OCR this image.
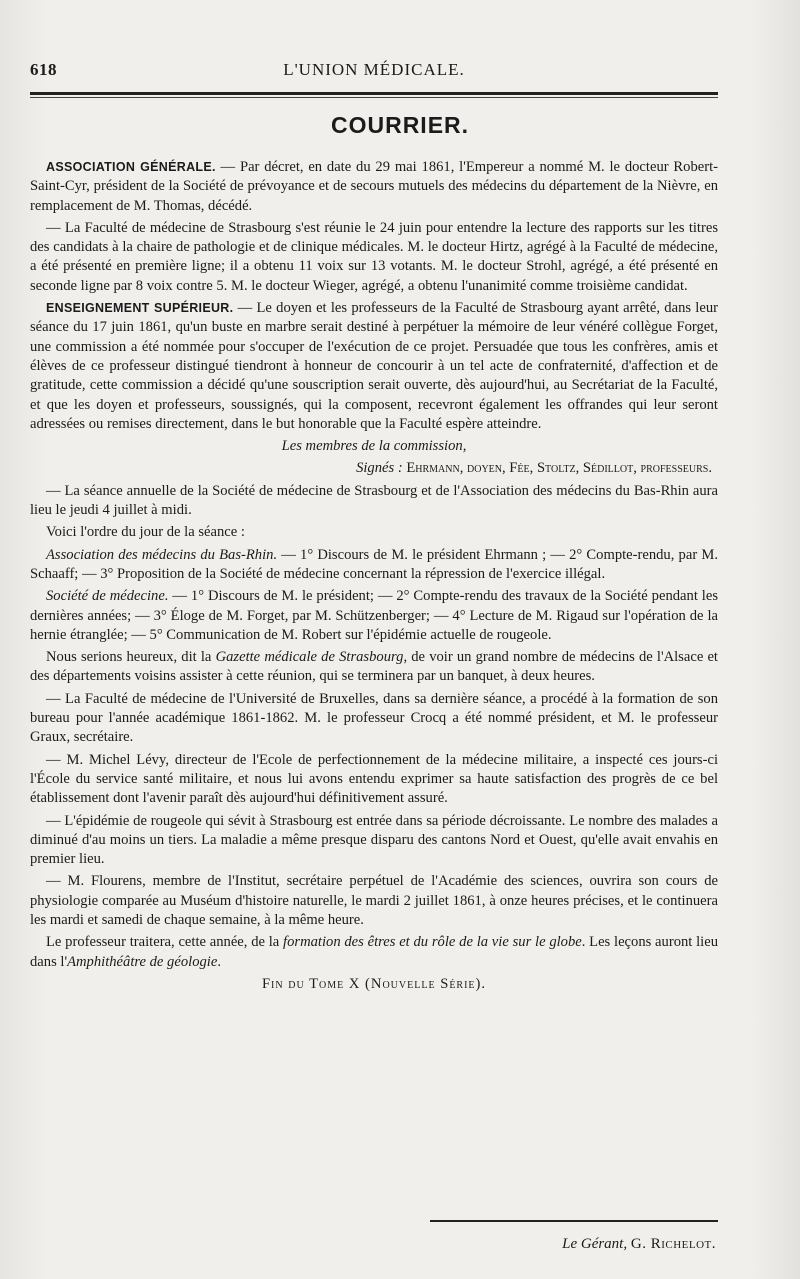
618	L'UNION MÉDICALE.
COURRIER.

ASSOCIATION GÉNÉRALE. — Par décret, en date du 29 mai 1861, l'Empereur a nommé M. le docteur Robert-Saint-Cyr, président de la Société de prévoyance et de secours mutuels des médecins du département de la Nièvre, en remplacement de M. Thomas, décédé.

— La Faculté de médecine de Strasbourg s'est réunie le 24 juin pour entendre la lecture des rapports sur les titres des candidats à la chaire de pathologie et de clinique médicales. M. le docteur Hirtz, agrégé à la Faculté de médecine, a été présenté en première ligne; il a obtenu 11 voix sur 13 votants. M. le docteur Strohl, agrégé, a été présenté en seconde ligne par 8 voix contre 5. M. le docteur Wieger, agrégé, a obtenu l'unanimité comme troisième candidat.

ENSEIGNEMENT SUPÉRIEUR. — Le doyen et les professeurs de la Faculté de Strasbourg ayant arrêté, dans leur séance du 17 juin 1861, qu'un buste en marbre serait destiné à perpétuer la mémoire de leur vénéré collègue Forget, une commission a été nommée pour s'occuper de l'exécution de ce projet. Persuadée que tous les confrères, amis et élèves de ce professeur distingué tiendront à honneur de concourir à un tel acte de confraternité, d'affection et de gratitude, cette commission a décidé qu'une souscription serait ouverte, dès aujourd'hui, au Secrétariat de la Faculté, et que les doyen et professeurs, soussignés, qui la composent, recevront également les offrandes qui leur seront adressées ou remises directement, dans le but honorable que la Faculté espère atteindre.

Les membres de la commission,

Signés : Ehrmann, doyen, Fée, Stoltz, Sédillot, professeurs.

— La séance annuelle de la Société de médecine de Strasbourg et de l'Association des médecins du Bas-Rhin aura lieu le jeudi 4 juillet à midi.

Voici l'ordre du jour de la séance :

Association des médecins du Bas-Rhin. — 1° Discours de M. le président Ehrmann ; — 2° Compte-rendu, par M. Schaaff; — 3° Proposition de la Société de médecine concernant la répression de l'exercice illégal.

Société de médecine. — 1° Discours de M. le président; — 2° Compte-rendu des travaux de la Société pendant les dernières années; — 3° Éloge de M. Forget, par M. Schützenberger; — 4° Lecture de M. Rigaud sur l'opération de la hernie étranglée; — 5° Communication de M. Robert sur l'épidémie actuelle de rougeole.

Nous serions heureux, dit la Gazette médicale de Strasbourg, de voir un grand nombre de médecins de l'Alsace et des départements voisins assister à cette réunion, qui se terminera par un banquet, à deux heures.

— La Faculté de médecine de l'Université de Bruxelles, dans sa dernière séance, a procédé à la formation de son bureau pour l'année académique 1861-1862. M. le professeur Crocq a été nommé président, et M. le professeur Graux, secrétaire.

— M. Michel Lévy, directeur de l'Ecole de perfectionnement de la médecine militaire, a inspecté ces jours-ci l'École du service santé militaire, et nous lui avons entendu exprimer sa haute satisfaction des progrès de ce bel établissement dont l'avenir paraît dès aujourd'hui définitivement assuré.

— L'épidémie de rougeole qui sévit à Strasbourg est entrée dans sa période décroissante. Le nombre des malades a diminué d'au moins un tiers. La maladie a même presque disparu des cantons Nord et Ouest, qu'elle avait envahis en premier lieu.

— M. Flourens, membre de l'Institut, secrétaire perpétuel de l'Académie des sciences, ouvrira son cours de physiologie comparée au Muséum d'histoire naturelle, le mardi 2 juillet 1861, à onze heures précises, et le continuera les mardi et samedi de chaque semaine, à la même heure.

Le professeur traitera, cette année, de la formation des êtres et du rôle de la vie sur le globe. Les leçons auront lieu dans l'Amphithéâtre de géologie.

Fin du Tome X (Nouvelle Série).

Le Gérant, G. Richelot.
